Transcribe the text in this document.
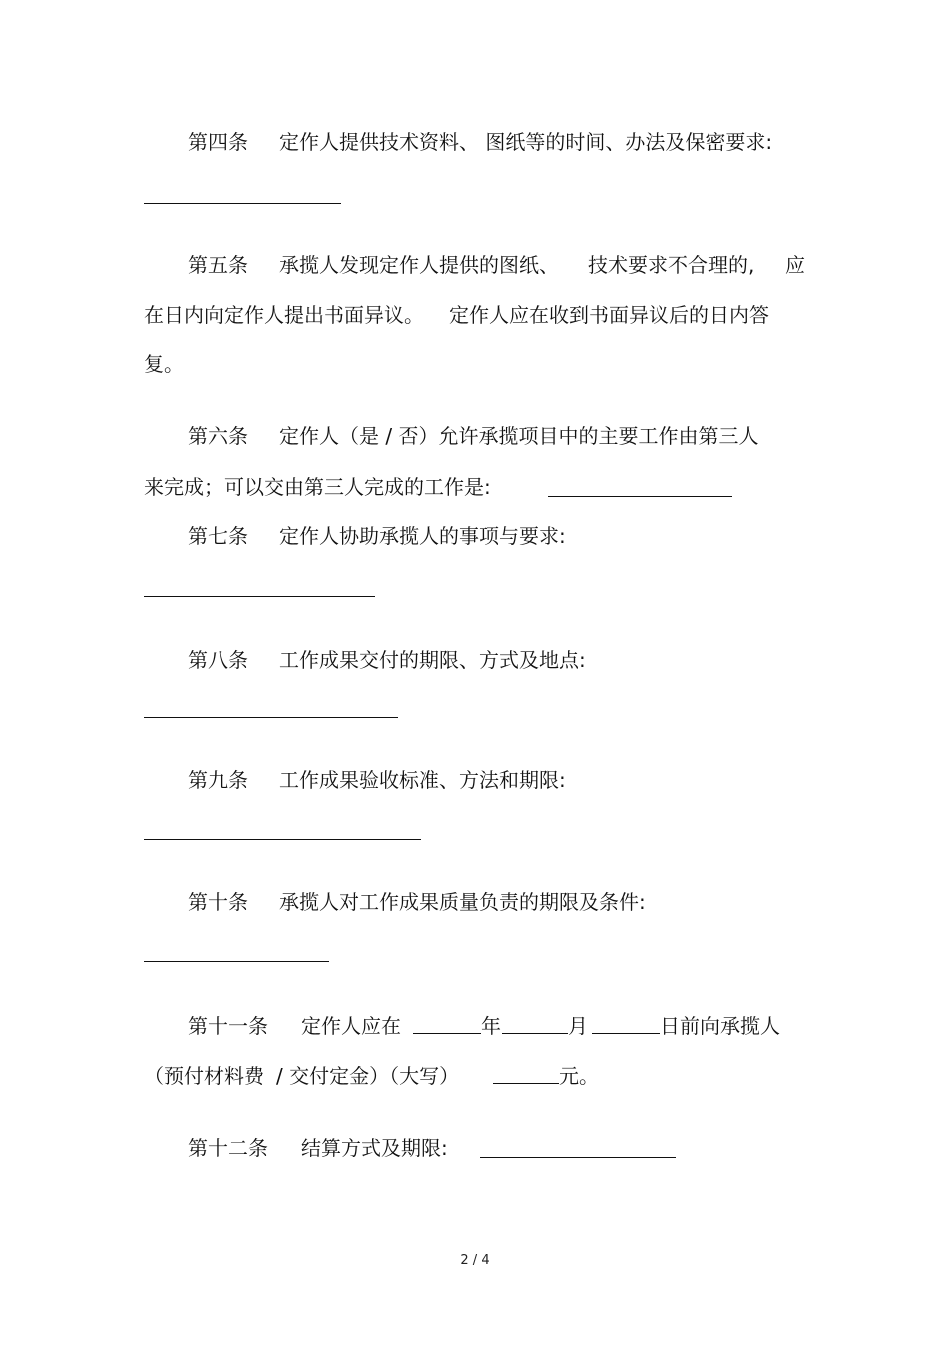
第四条 定作人提供技术资料、 图纸等的时间、办法及保密要求:
第五条 承揽人发现定作人提供的图纸、 技术要求不合理的, 应
在日内向定作人提出书面异议。 定作人应在收到书面异议后的日内答
复。
第六条 定作人（是 / 否）允许承揽项目中的主要工作由第三人
来完成；可以交由第三人完成的工作是:
第七条 定作人协助承揽人的事项与要求:
第八条 工作成果交付的期限、方式及地点:
第九条 工作成果验收标准、方法和期限:
第十条 承揽人对工作成果质量负责的期限及条件:
第十一条 定作人应在	年	月	日前向承揽人
（预付材料费 / 交付定金）（大写）	元。
第十二条 结算方式及期限:
2 / 4
